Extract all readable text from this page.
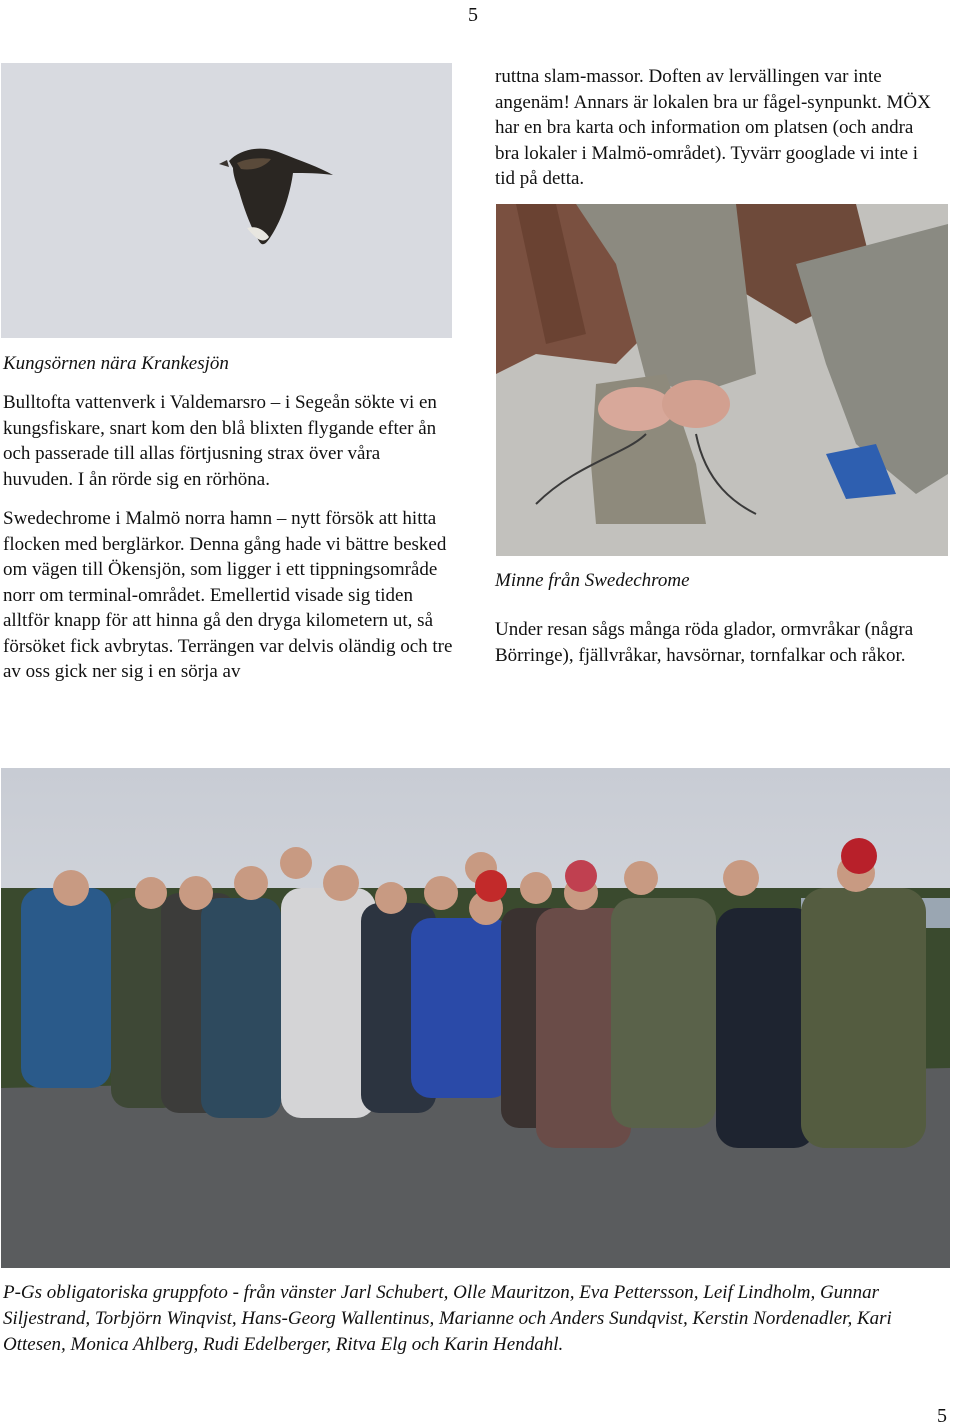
5

ruttna slam-massor. Doften av lervällingen var inte angenäm! Annars är lokalen bra ur fågel-synpunkt. MÖX har en bra karta och information om platsen (och andra bra lokaler i Malmö-området). Tyvärr googlade vi inte i tid på detta.

Kungsörnen nära Krankesjön

Bulltofta vattenverk i Valdemarsro – i Segeån sökte vi en kungsfiskare, snart kom den blå blixten flygande efter ån och passerade till allas förtjusning strax över våra huvuden. I ån rörde sig en rörhöna.

Swedechrome i Malmö norra hamn – nytt försök att hitta flocken med berglärkor. Denna gång hade vi bättre besked om vägen till Ökensjön, som ligger i ett tippningsområde norr om terminal-området. Emellertid visade sig tiden alltför knapp för att hinna gå den dryga kilometern ut, så försöket fick avbrytas. Terrängen var delvis oländig och tre av oss gick ner sig i en sörja av

Minne från Swedechrome

Under resan sågs många röda glador, ormvråkar (några Börringe), fjällvråkar, havsörnar, tornfalkar och råkor.

P-Gs obligatoriska gruppfoto - från vänster Jarl Schubert, Olle Mauritzon, Eva Pettersson, Leif Lindholm, Gunnar Siljestrand, Torbjörn Winqvist, Hans-Georg Wallentinus, Marianne och Anders Sundqvist, Kerstin Nordenadler, Kari Ottesen, Monica Ahlberg, Rudi Edelberger, Ritva Elg och Karin Hendahl.

5
